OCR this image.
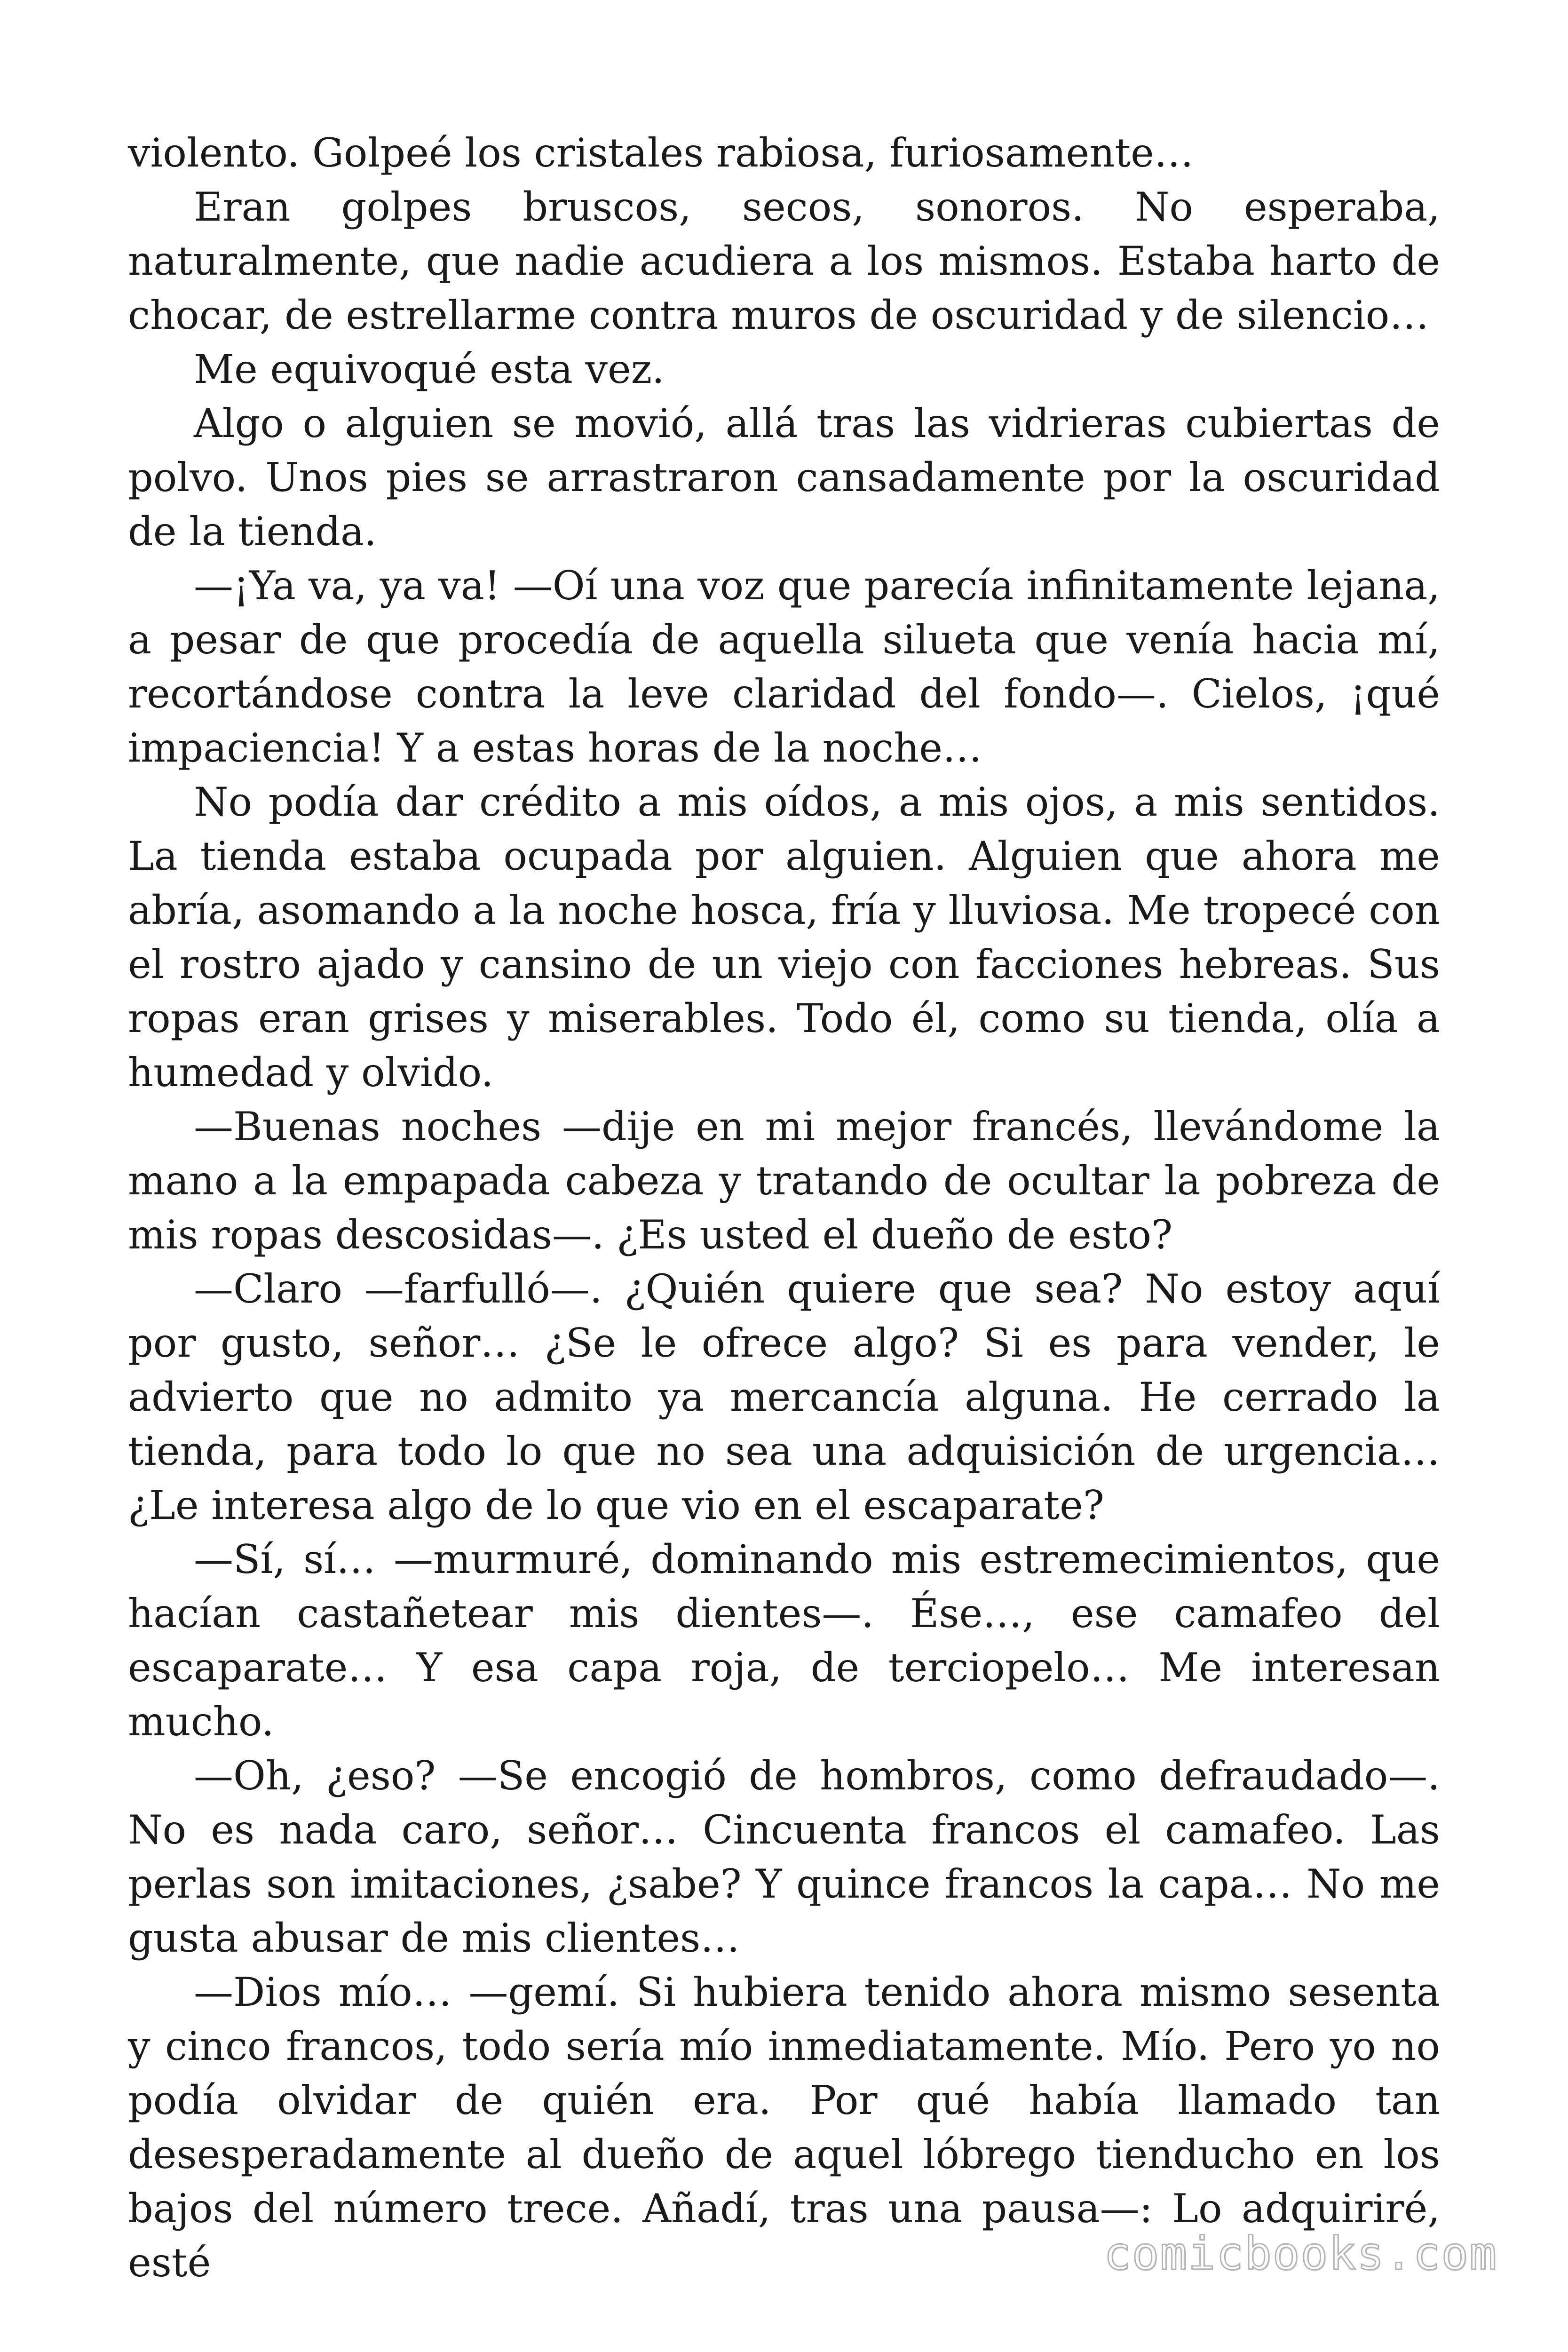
violento. Golpeé los cristales rabiosa, furiosamente…

Eran golpes bruscos, secos, sonoros. No esperaba, naturalmente, que nadie acudiera a los mismos. Estaba harto de chocar, de estrellarme contra muros de oscuridad y de silencio…

Me equivoqué esta vez.

Algo o alguien se movió, allá tras las vidrieras cubiertas de polvo. Unos pies se arrastraron cansadamente por la oscuridad de la tienda.

—¡Ya va, ya va! —Oí una voz que parecía infinitamente lejana, a pesar de que procedía de aquella silueta que venía hacia mí, recortándose contra la leve claridad del fondo—. Cielos, ¡qué impaciencia! Y a estas horas de la noche…

No podía dar crédito a mis oídos, a mis ojos, a mis sentidos. La tienda estaba ocupada por alguien. Alguien que ahora me abría, asomando a la noche hosca, fría y lluviosa. Me tropecé con el rostro ajado y cansino de un viejo con facciones hebreas. Sus ropas eran grises y miserables. Todo él, como su tienda, olía a humedad y olvido.

—Buenas noches —dije en mi mejor francés, llevándome la mano a la empapada cabeza y tratando de ocultar la pobreza de mis ropas descosidas—. ¿Es usted el dueño de esto?

—Claro —farfulló—. ¿Quién quiere que sea? No estoy aquí por gusto, señor… ¿Se le ofrece algo? Si es para vender, le advierto que no admito ya mercancía alguna. He cerrado la tienda, para todo lo que no sea una adquisición de urgencia… ¿Le interesa algo de lo que vio en el escaparate?

—Sí, sí… —murmuré, dominando mis estremecimientos, que hacían castañetear mis dientes—. Ése…, ese camafeo del escaparate… Y esa capa roja, de terciopelo… Me interesan mucho.

—Oh, ¿eso? —Se encogió de hombros, como defraudado—. No es nada caro, señor… Cincuenta francos el camafeo. Las perlas son imitaciones, ¿sabe? Y quince francos la capa… No me gusta abusar de mis clientes…

—Dios mío… —gemí. Si hubiera tenido ahora mismo sesenta y cinco francos, todo sería mío inmediatamente. Mío. Pero yo no podía olvidar de quién era. Por qué había llamado tan desesperadamente al dueño de aquel lóbrego tienducho en los bajos del número trece. Añadí, tras una pausa—: Lo adquiriré, esté	comicbooks.com
